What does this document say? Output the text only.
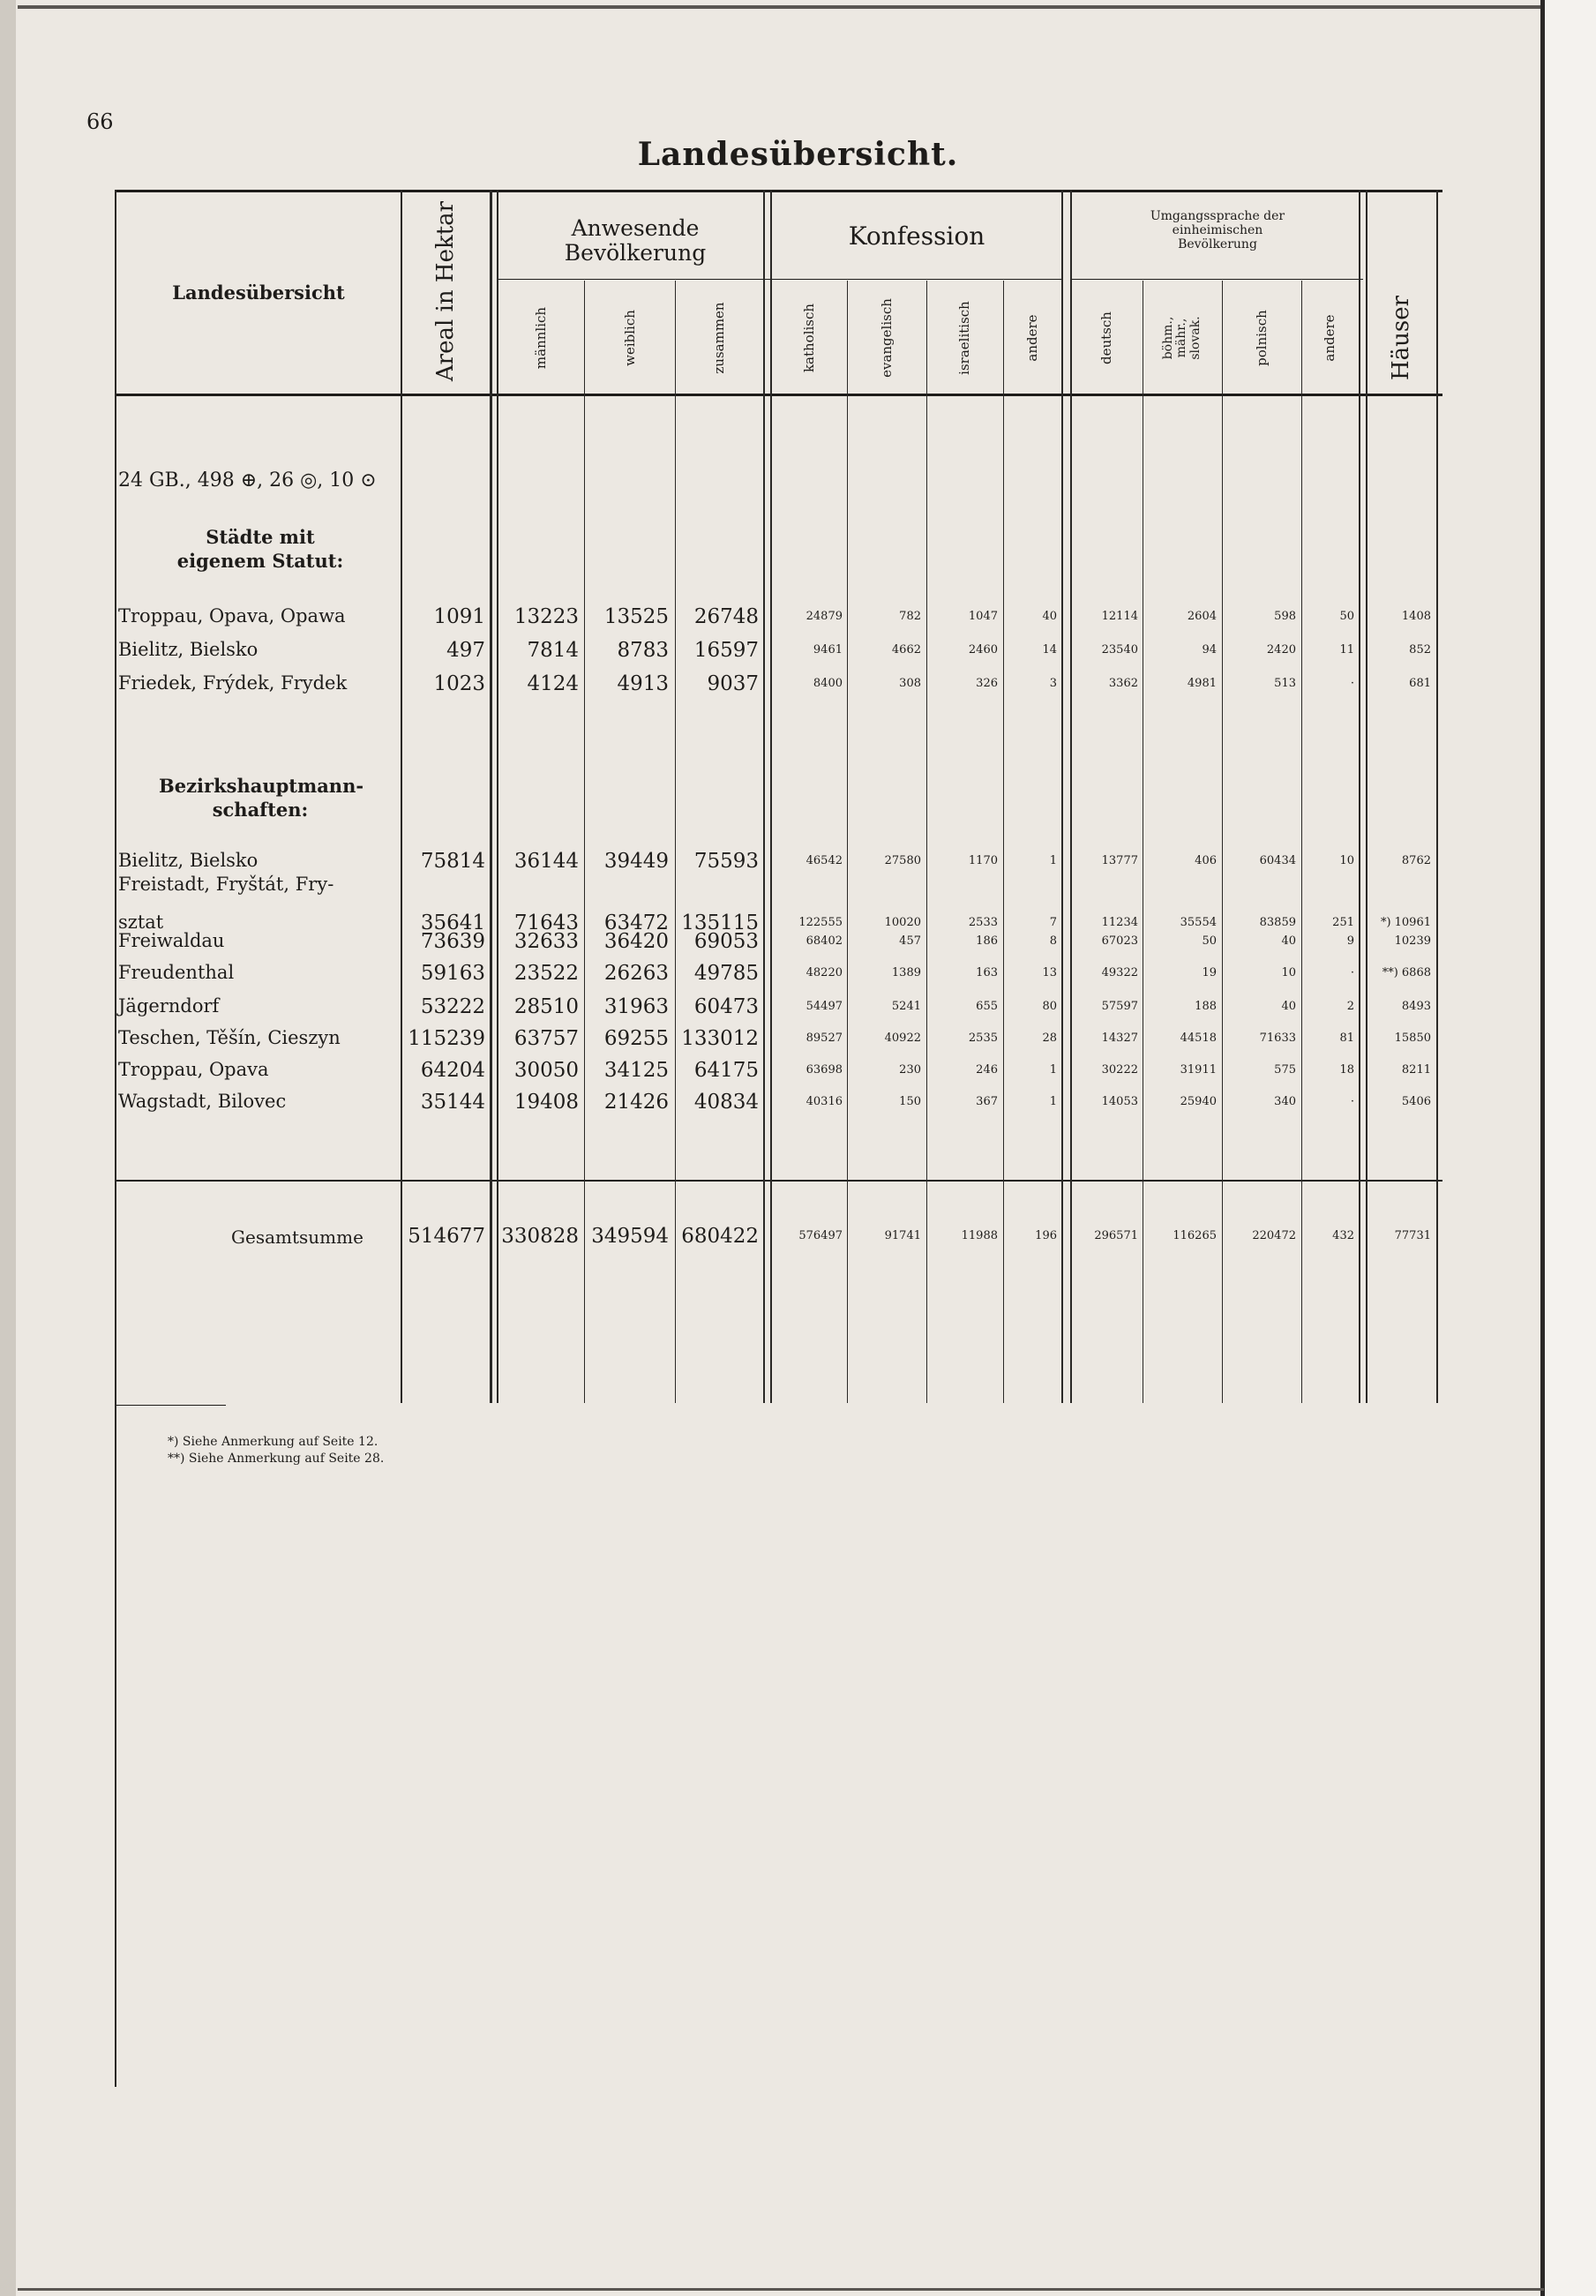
66
Landesübersicht.
Landesübersicht	Areal in Hektar	Anwesende Bevölkerung
Konfession
Umgangssprache der einheimischen Bevölkerung
Häuser
männlich	weiblich	zusammen	katholisch	evangelisch	israelitisch	andere	deutsch	böhm., mähr., slovak.	polnisch	andere
24 GB., 498 ⊕, 26 ◎, 10 ⊙
Städte mit eigenem Statut:
Bezirkshauptmann-schaften:
Troppau, Opava, Opawa	1091 13223 13525 26748	24879	782	1047	40	12114	2604	598	50	1408
Bielitz, Bielsko	497 7814 8783 16597	9461	4662	2460	14	23540	94	2420	11	852
Friedek, Frýdek, Frydek	1023 4124 4913 9037	8400	308	326	3	3362	4981	513	·	681
Bielitz, Bielsko	75814 36144 39449 75593	46542	27580	1170	1	13777	406	60434	10	8762
Freistadt, Fryštát, Fry-
sztat	35641 71643 63472 135115	122555	10020	2533	7	11234	35554	83859	251 *) 10961
Freiwaldau	73639 32633 36420 69053	68402	457	186	8	67023	50	40	9	10239
Freudenthal	59163 23522 26263 49785	48220	1389	163	13	49322	19	10	· **) 6868
Jägerndorf	53222 28510 31963 60473	54497	5241	655	80	57597	188	40	2	8493
Teschen, Těšín, Cieszyn	115239 63757 69255 133012	89527	40922	2535	28	14327	44518	71633	81	15850
Troppau, Opava	64204 30050 34125 64175	63698	230	246	1	30222	31911	575	18	8211
Wagstadt, Bilovec	35144 19408 21426 40834	40316	150	367	1	14053	25940	340	·	5406
Gesamtsumme 514677 330828 349594 680422	576497	91741	11988	196	296571	116265	220472	432	77731
*) Siehe Anmerkung auf Seite 12.
**) Siehe Anmerkung auf Seite 28.
